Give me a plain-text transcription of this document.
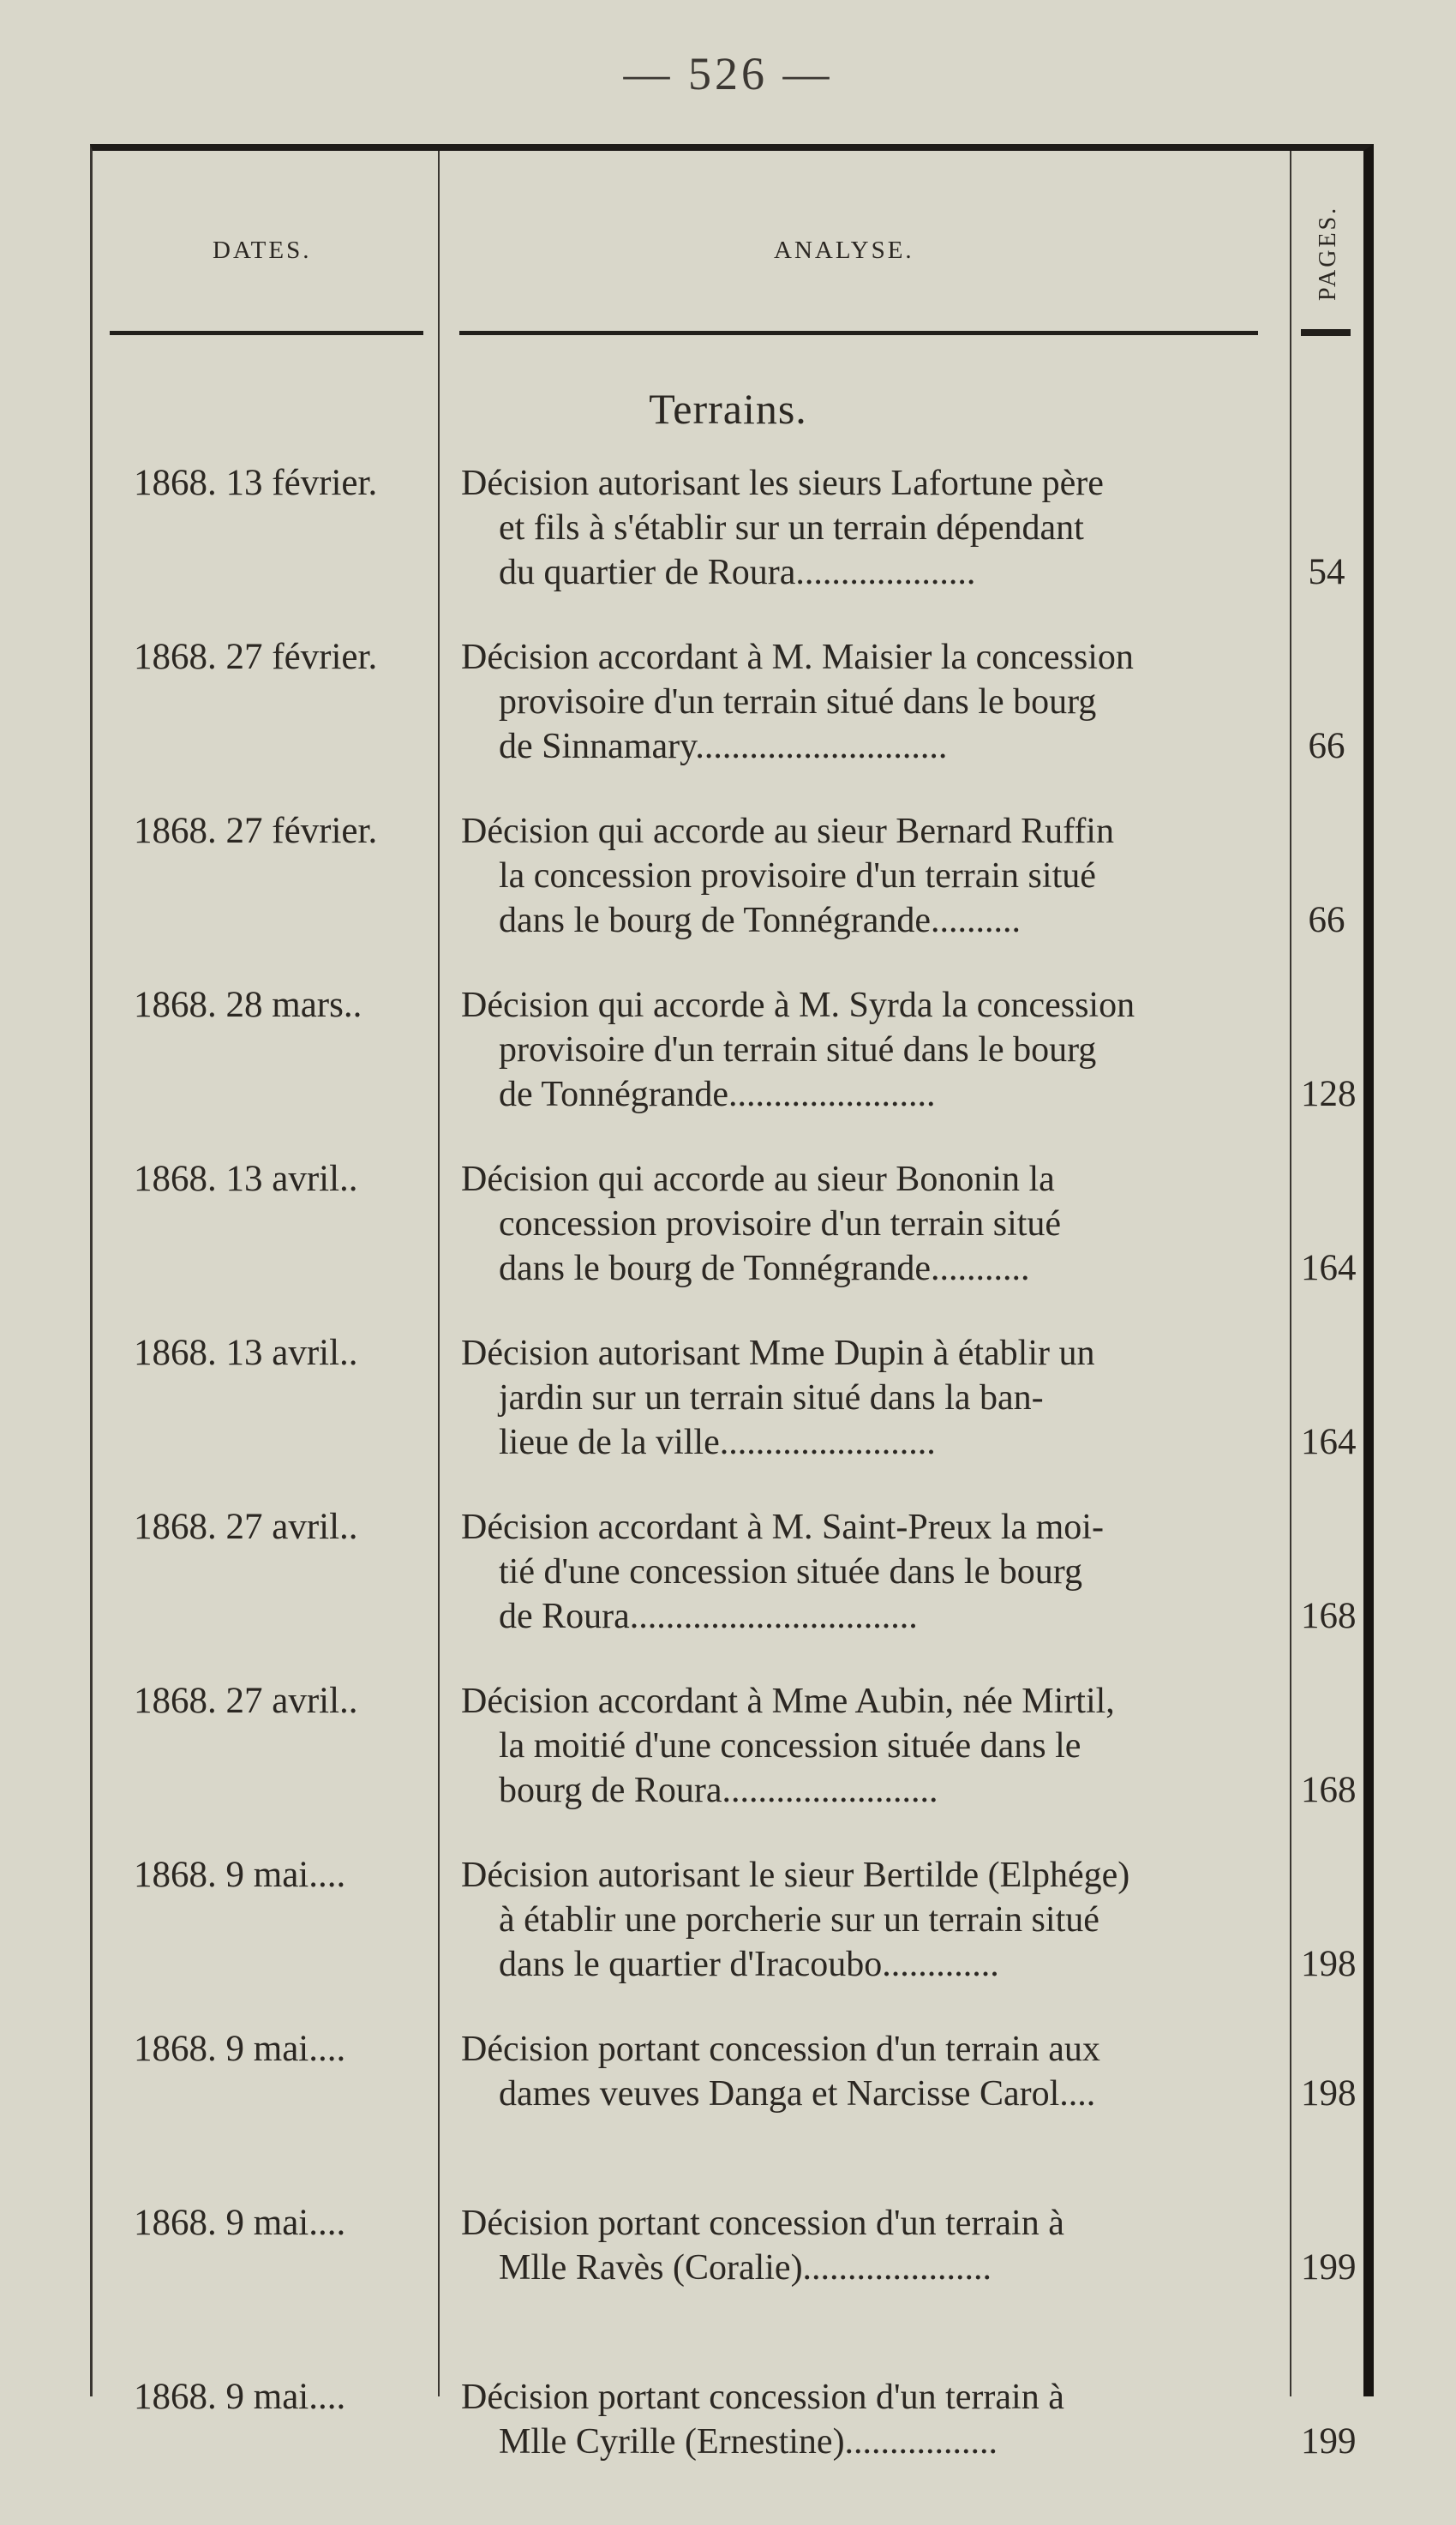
— 526 —
DATES.	ANALYSE.	PAGES.
Terrains.
1868. 13 février.	Décision autorisant les sieurs Lafortune père
et fils à s'établir sur un terrain dépendant
du quartier de Roura....................	54
1868. 27 février.	Décision accordant à M. Maisier la concession
provisoire d'un terrain situé dans le bourg
de Sinnamary............................	66
1868. 27 février.	Décision qui accorde au sieur Bernard Ruffin
la concession provisoire d'un terrain situé
dans le bourg de Tonnégrande..........	66
1868. 28 mars..	Décision qui accorde à M. Syrda la concession
provisoire d'un terrain situé dans le bourg
de Tonnégrande.......................	128
1868. 13 avril..	Décision qui accorde au sieur Bononin la
concession provisoire d'un terrain situé
dans le bourg de Tonnégrande...........	164
1868. 13 avril..	Décision autorisant Mme Dupin à établir un
jardin sur un terrain situé dans la ban-
lieue de la ville........................	164
1868. 27 avril..	Décision accordant à M. Saint-Preux la moi-
tié d'une concession située dans le bourg
de Roura................................	168
1868. 27 avril..	Décision accordant à Mme Aubin, née Mirtil,
la moitié d'une concession située dans le
bourg de Roura........................	168
1868. 9 mai....	Décision autorisant le sieur Bertilde (Elphége)
à établir une porcherie sur un terrain situé
dans le quartier d'Iracoubo.............	198
1868. 9 mai....	Décision portant concession d'un terrain aux
dames veuves Danga et Narcisse Carol....	198
1868. 9 mai....	Décision portant concession d'un terrain à
Mlle Ravès (Coralie).....................	199
1868. 9 mai....	Décision portant concession d'un terrain à
Mlle Cyrille (Ernestine).................	199
